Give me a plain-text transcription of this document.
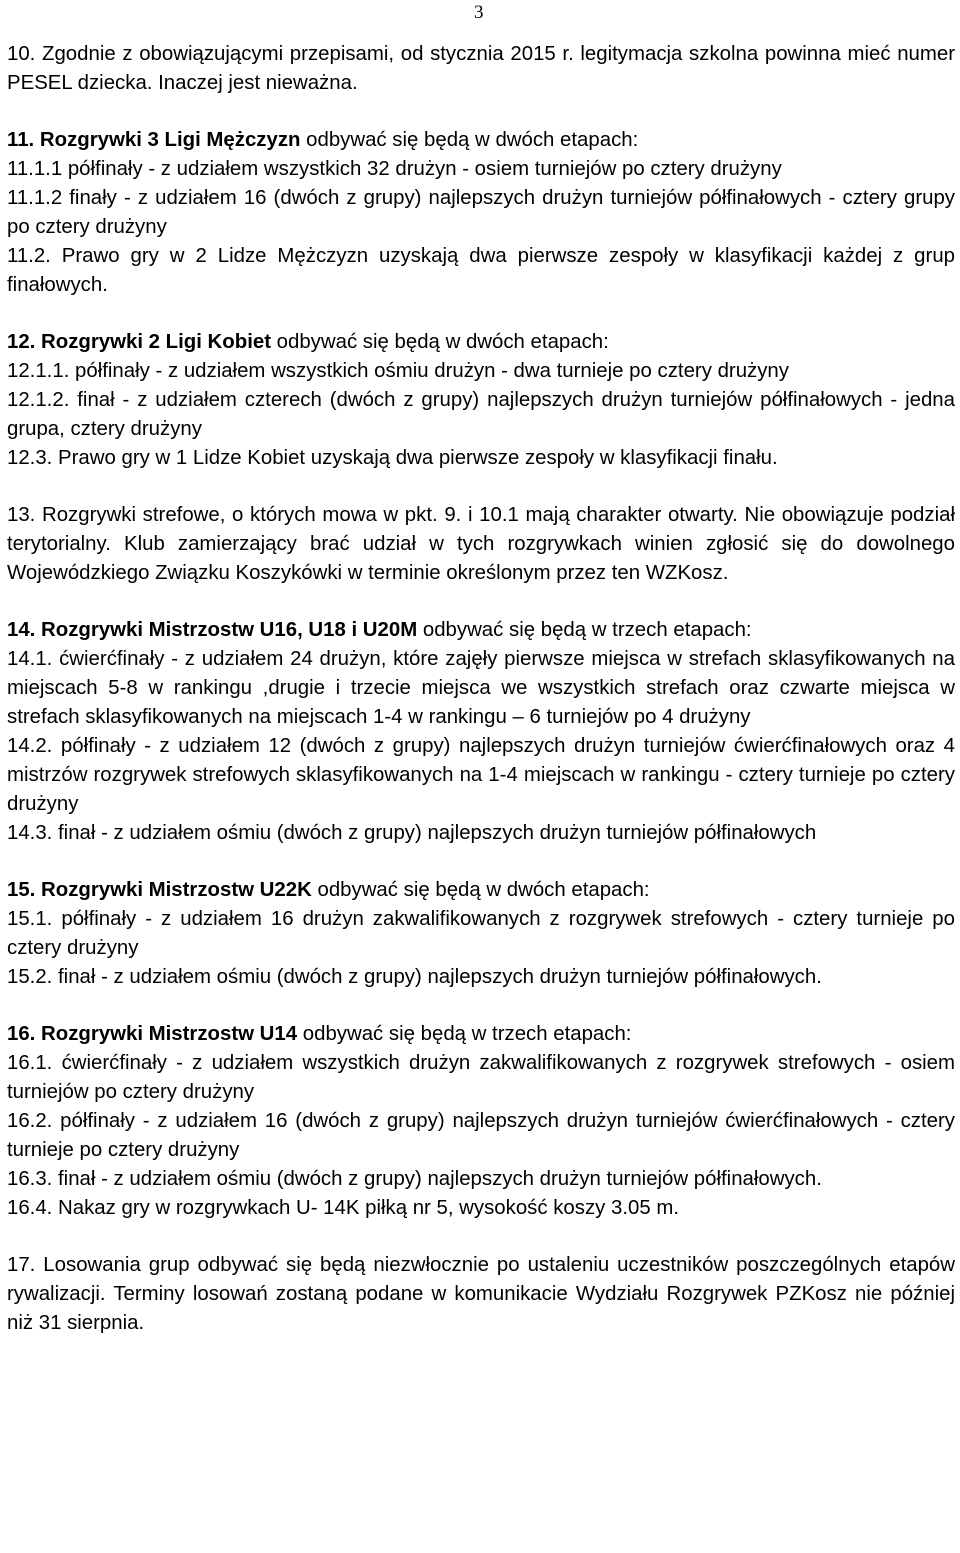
3

10. Zgodnie z obowiązującymi przepisami, od stycznia 2015 r. legitymacja szkolna powinna mieć numer PESEL dziecka. Inaczej jest nieważna.

11. Rozgrywki 3 Ligi Mężczyzn odbywać się będą w dwóch etapach:

11.1.1 półfinały - z udziałem wszystkich 32 drużyn - osiem turniejów po cztery drużyny

11.1.2 finały - z udziałem 16 (dwóch z grupy) najlepszych drużyn turniejów półfinałowych - cztery grupy po cztery drużyny

11.2. Prawo gry w 2 Lidze Mężczyzn uzyskają dwa pierwsze zespoły w klasyfikacji każdej z grup finałowych.

12. Rozgrywki 2 Ligi Kobiet odbywać się będą w dwóch etapach:

12.1.1. półfinały - z udziałem wszystkich ośmiu drużyn - dwa turnieje po cztery drużyny

12.1.2. finał - z udziałem czterech (dwóch z grupy) najlepszych drużyn turniejów półfinałowych - jedna grupa, cztery drużyny

12.3. Prawo gry w 1 Lidze Kobiet uzyskają dwa pierwsze zespoły w klasyfikacji finału.

13. Rozgrywki strefowe, o których mowa w pkt. 9. i 10.1 mają charakter otwarty. Nie obowiązuje podział terytorialny. Klub zamierzający brać udział w tych rozgrywkach winien zgłosić się do dowolnego Wojewódzkiego Związku Koszykówki w terminie określonym przez ten WZKosz.

14. Rozgrywki Mistrzostw U16, U18 i U20M odbywać się będą w trzech etapach:

14.1. ćwierćfinały - z udziałem 24 drużyn, które zajęły pierwsze miejsca w strefach sklasyfikowanych na miejscach 5-8 w rankingu ,drugie i trzecie miejsca we wszystkich strefach oraz czwarte miejsca w strefach sklasyfikowanych na miejscach 1-4 w rankingu – 6 turniejów po 4 drużyny

14.2. półfinały - z udziałem 12 (dwóch z grupy) najlepszych drużyn turniejów ćwierćfinałowych oraz 4 mistrzów rozgrywek strefowych sklasyfikowanych na 1-4 miejscach w rankingu - cztery turnieje po cztery drużyny

14.3. finał - z udziałem ośmiu (dwóch z grupy) najlepszych drużyn turniejów półfinałowych

15. Rozgrywki Mistrzostw U22K odbywać się będą w dwóch etapach:

15.1. półfinały - z udziałem 16 drużyn zakwalifikowanych z rozgrywek strefowych - cztery turnieje po cztery drużyny

15.2. finał - z udziałem ośmiu (dwóch z grupy) najlepszych drużyn turniejów półfinałowych.

16. Rozgrywki Mistrzostw U14 odbywać się będą w trzech etapach:

16.1. ćwierćfinały - z udziałem wszystkich drużyn zakwalifikowanych z rozgrywek strefowych - osiem turniejów po cztery drużyny

16.2. półfinały - z udziałem 16 (dwóch z grupy) najlepszych drużyn turniejów ćwierćfinałowych - cztery turnieje po cztery drużyny

16.3. finał - z udziałem ośmiu (dwóch z grupy) najlepszych drużyn turniejów półfinałowych.

16.4. Nakaz gry w rozgrywkach U- 14K piłką nr 5, wysokość koszy 3.05 m.

17. Losowania grup odbywać się będą niezwłocznie po ustaleniu uczestników poszczególnych etapów rywalizacji. Terminy losowań zostaną podane w komunikacie Wydziału Rozgrywek PZKosz nie później niż 31 sierpnia.
